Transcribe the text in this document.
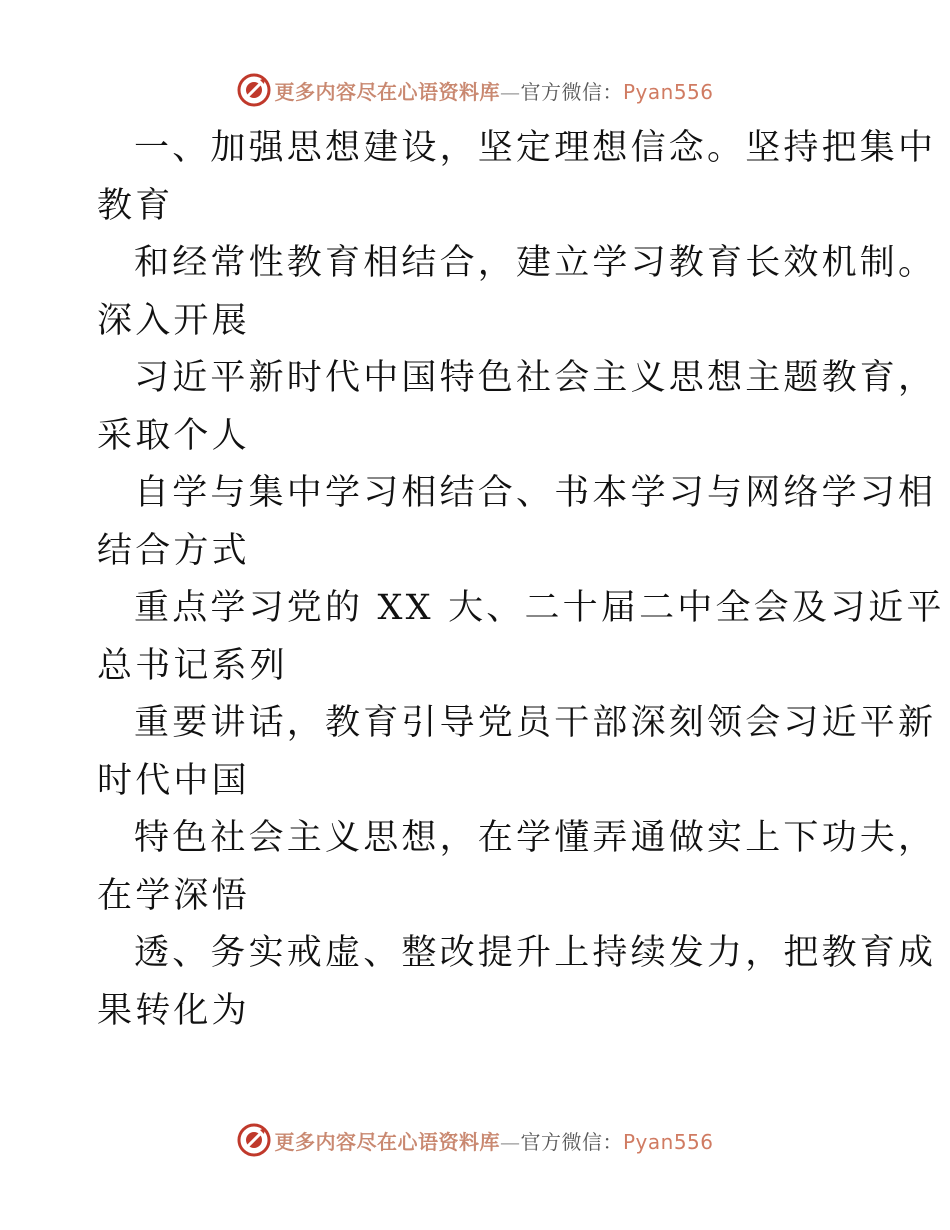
更多内容尽在心语资料库—官方微信：Pyan556

一、加强思想建设，坚定理想信念。坚持把集中

教育

和经常性教育相结合，建立学习教育长效机制。

深入开展

习近平新时代中国特色社会主义思想主题教育，

采取个人

自学与集中学习相结合、书本学习与网络学习相

结合方式

重点学习党的 XX 大、二十届二中全会及习近平

总书记系列

重要讲话，教育引导党员干部深刻领会习近平新

时代中国

特色社会主义思想，在学懂弄通做实上下功夫，

在学深悟

透、务实戒虚、整改提升上持续发力，把教育成

果转化为

更多内容尽在心语资料库—官方微信：Pyan556
